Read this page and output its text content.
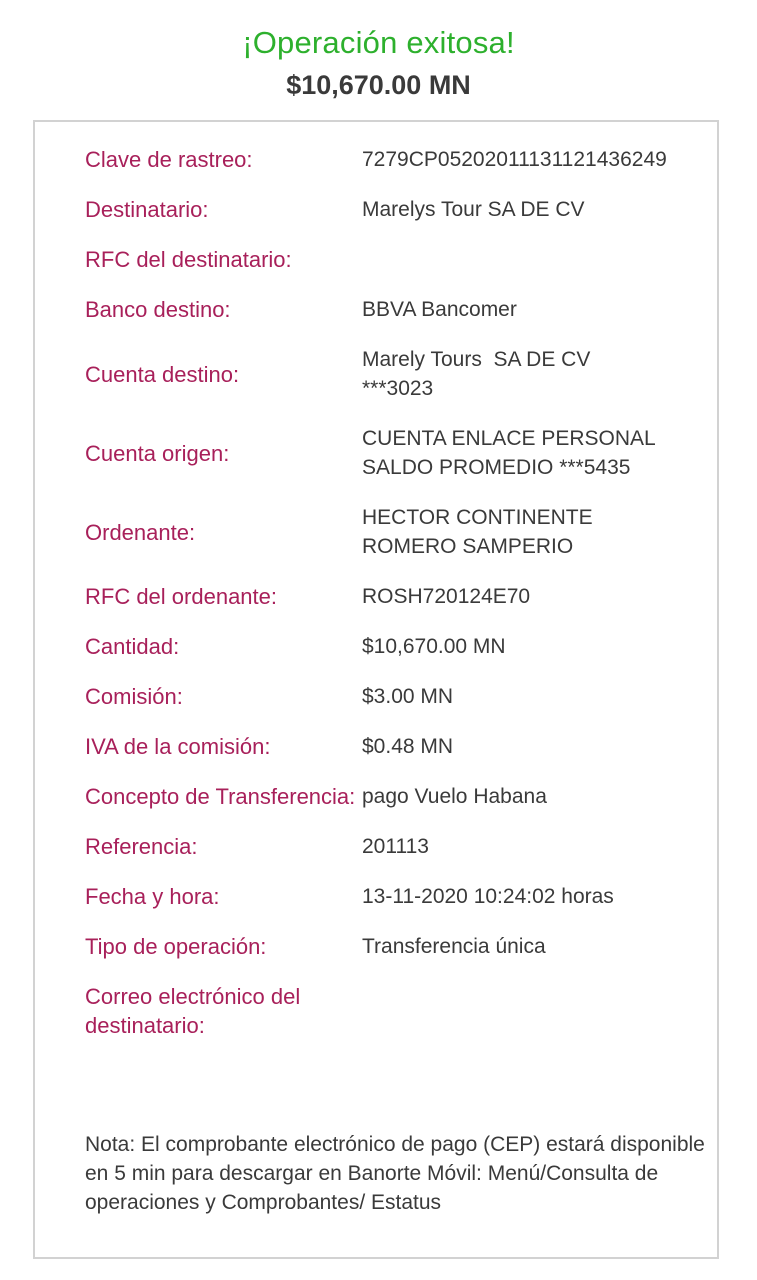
¡Operación exitosa!
$10,670.00 MN
Clave de rastreo:	7279CP05202011131121436249
Destinatario:	Marelys Tour SA DE CV
RFC del destinatario:
Banco destino:	BBVA Bancomer
Cuenta destino:
Marely Tours  SA DE CV
***3023
Cuenta origen:
CUENTA ENLACE PERSONAL
SALDO PROMEDIO ***5435
Ordenante:
HECTOR CONTINENTE
ROMERO SAMPERIO
RFC del ordenante:	ROSH720124E70
Cantidad:	$10,670.00 MN
Comisión:	$3.00 MN
IVA de la comisión:	$0.48 MN
Concepto de Transferencia: pago Vuelo Habana
Referencia:	201113
Fecha y hora:	13-11-2020 10:24:02 horas
Tipo de operación:	Transferencia única
Correo electrónico del destinatario:
Nota: El comprobante electrónico de pago (CEP) estará disponible en 5 min para descargar en Banorte Móvil: Menú/Consulta de operaciones y Comprobantes/ Estatus
